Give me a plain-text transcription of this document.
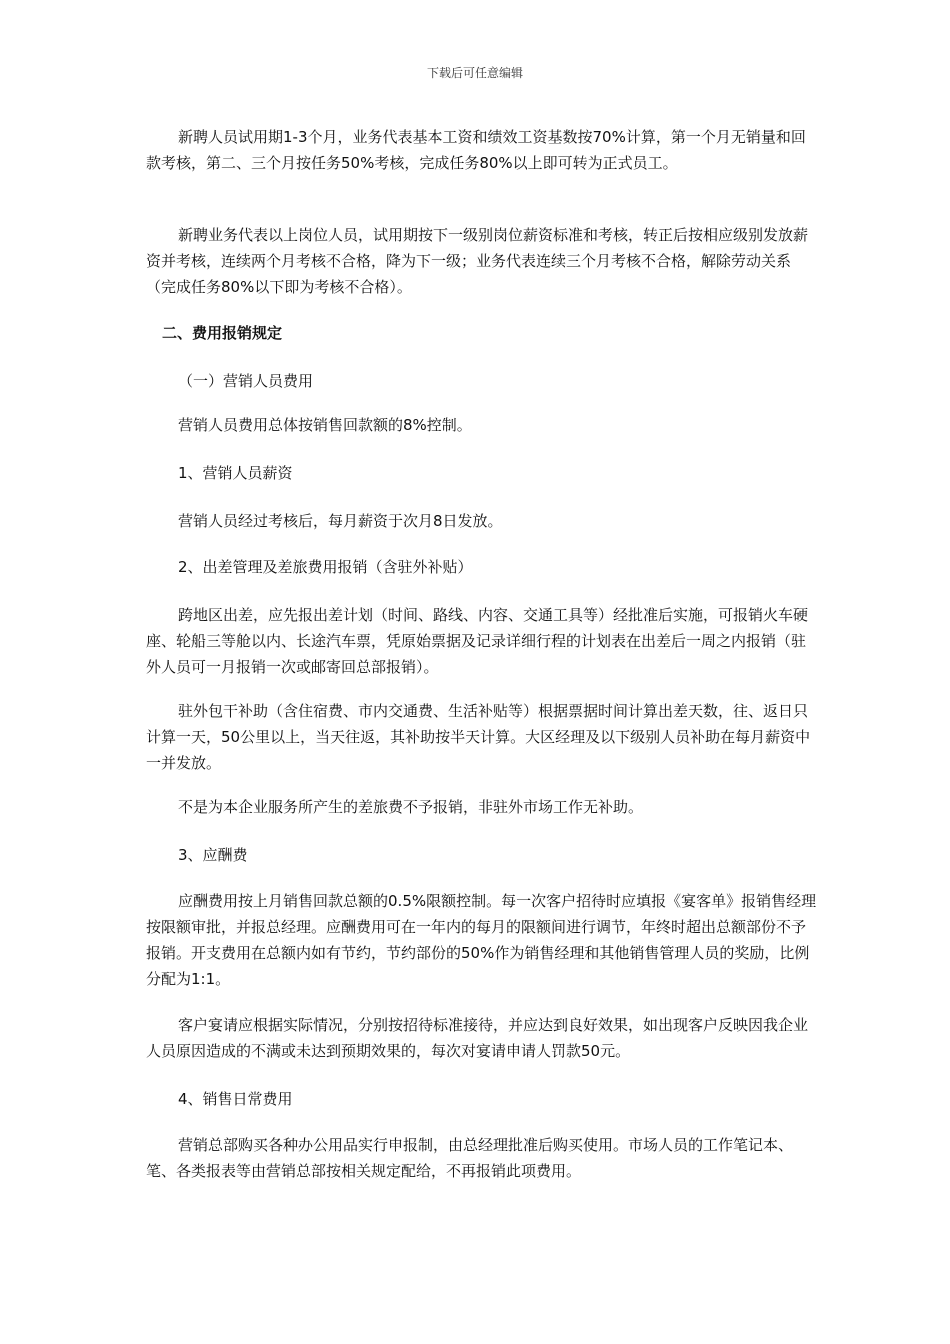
下载后可任意编辑

新聘人员试用期1-3个月，业务代表基本工资和绩效工资基数按70%计算，第一个月无销量和回款考核，第二、三个月按任务50%考核，完成任务80%以上即可转为正式员工。

新聘业务代表以上岗位人员，试用期按下一级别岗位薪资标准和考核，转正后按相应级别发放薪资并考核，连续两个月考核不合格，降为下一级；业务代表连续三个月考核不合格，解除劳动关系（完成任务80%以下即为考核不合格）。

二、费用报销规定

（一）营销人员费用

营销人员费用总体按销售回款额的8%控制。

1、营销人员薪资

营销人员经过考核后，每月薪资于次月8日发放。

2、出差管理及差旅费用报销（含驻外补贴）

跨地区出差，应先报出差计划（时间、路线、内容、交通工具等）经批准后实施，可报销火车硬座、轮船三等舱以内、长途汽车票，凭原始票据及记录详细行程的计划表在出差后一周之内报销（驻外人员可一月报销一次或邮寄回总部报销）。

驻外包干补助（含住宿费、市内交通费、生活补贴等）根据票据时间计算出差天数，往、返日只计算一天，50公里以上，当天往返，其补助按半天计算。大区经理及以下级别人员补助在每月薪资中一并发放。

不是为本企业服务所产生的差旅费不予报销，非驻外市场工作无补助。

3、应酬费

应酬费用按上月销售回款总额的0.5%限额控制。每一次客户招待时应填报《宴客单》报销售经理按限额审批，并报总经理。应酬费用可在一年内的每月的限额间进行调节，年终时超出总额部份不予报销。开支费用在总额内如有节约，节约部份的50%作为销售经理和其他销售管理人员的奖励，比例分配为1:1。

客户宴请应根据实际情况，分别按招待标准接待，并应达到良好效果，如出现客户反映因我企业人员原因造成的不满或未达到预期效果的，每次对宴请申请人罚款50元。

4、销售日常费用

营销总部购买各种办公用品实行申报制，由总经理批准后购买使用。市场人员的工作笔记本、笔、各类报表等由营销总部按相关规定配给，不再报销此项费用。
